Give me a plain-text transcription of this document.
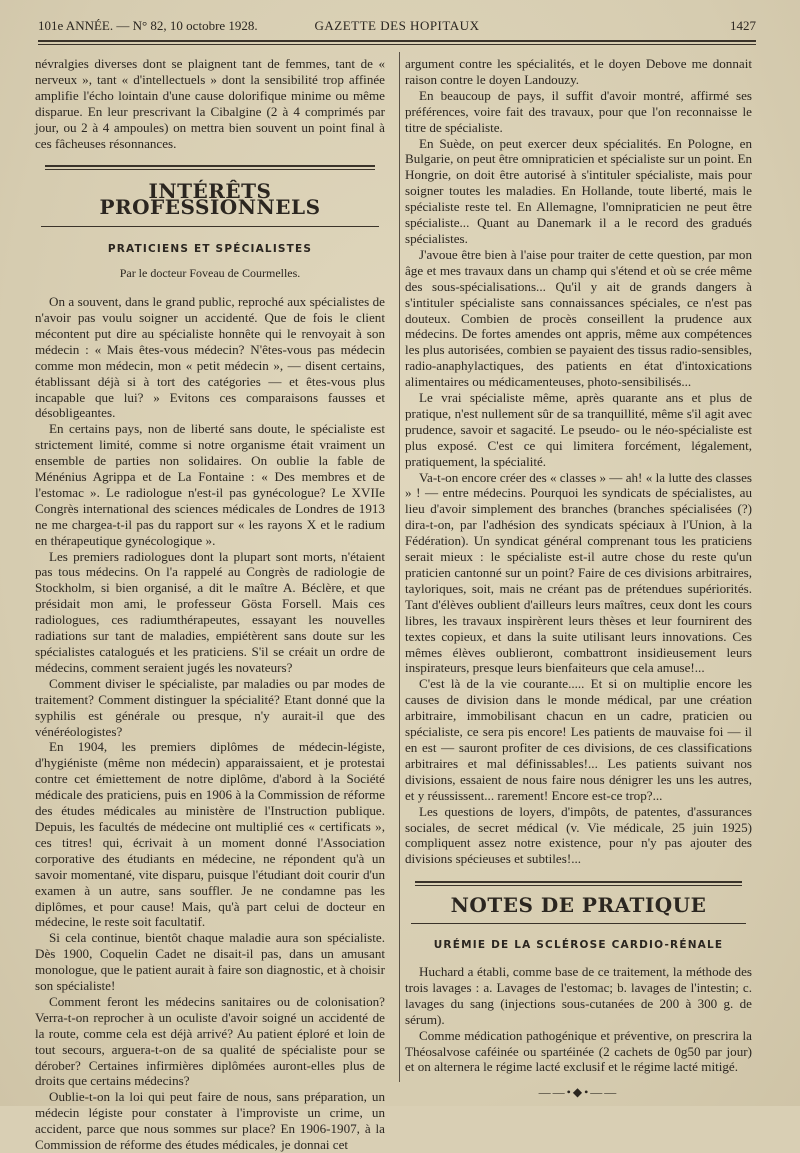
101e ANNÉE. — N° 82, 10 octobre 1928.	GAZETTE DES HOPITAUX	1427

névralgies diverses dont se plaignent tant de femmes, tant de « nerveux », tant « d'intellectuels » dont la sensibilité trop affinée amplifie l'écho lointain d'une cause dolorifique minime ou même disparue. En leur prescrivant la Cibalgine (2 à 4 comprimés par jour, ou 2 à 4 ampoules) on mettra bien souvent un point final à ces fâcheuses résonnances.

INTÉRÊTS PROFESSIONNELS
PRATICIENS ET SPÉCIALISTES
Par le docteur Foveau de Courmelles.

On a souvent, dans le grand public, reproché aux spécialistes de n'avoir pas voulu soigner un accidenté. Que de fois le client mécontent put dire au spécialiste honnête qui le renvoyait à son médecin : « Mais êtes-vous médecin? N'êtes-vous pas médecin comme mon médecin, mon « petit médecin », — disent certains, établissant déjà si à tort des catégories — et êtes-vous plus incapable que lui? » Evitons ces comparaisons fausses et désobligeantes.

En certains pays, non de liberté sans doute, le spécialiste est strictement limité, comme si notre organisme était vraiment un ensemble de parties non solidaires. On oublie la fable de Ménénius Agrippa et de La Fontaine : « Des membres et de l'estomac ». Le radiologue n'est-il pas gynécologue? Le XVIIe Congrès international des sciences médicales de Londres de 1913 ne me chargea-t-il pas du rapport sur « les rayons X et le radium en thérapeutique gynécologique ».

Les premiers radiologues dont la plupart sont morts, n'étaient pas tous médecins. On l'a rappelé au Congrès de radiologie de Stockholm, si bien organisé, a dit le maître A. Béclère, et que présidait mon ami, le professeur Gösta Forsell. Mais ces radiologues, ces radiumthérapeutes, essayant les nouvelles radiations sur tant de maladies, empiétèrent sans doute sur les spécialistes catalogués et les praticiens. S'il se créait un ordre de médecins, comment seraient jugés les novateurs?

Comment diviser le spécialiste, par maladies ou par modes de traitement? Comment distinguer la spécialité? Etant donné que la syphilis est générale ou presque, n'y aurait-il que des vénéréologistes?

En 1904, les premiers diplômes de médecin-légiste, d'hygiéniste (même non médecin) apparaissaient, et je protestai contre cet émiettement de notre diplôme, d'abord à la Société médicale des praticiens, puis en 1906 à la Commission de réforme des études médicales au ministère de l'Instruction publique. Depuis, les facultés de médecine ont multiplié ces « certificats », ces titres! qui, écrivait à un moment donné l'Association corporative des étudiants en médecine, ne répondent qu'à un savoir momentané, vite disparu, puisque l'étudiant doit courir d'un examen à un autre, sans souffler. Je ne condamne pas les diplômes, et pour cause! Mais, qu'à part celui de docteur en médecine, le reste soit facultatif.

Si cela continue, bientôt chaque maladie aura son spécialiste. Dès 1900, Coquelin Cadet ne disait-il pas, dans un amusant monologue, que le patient aurait à faire son diagnostic, et à choisir son spécialiste!

Comment feront les médecins sanitaires ou de colonisation? Verra-t-on reprocher à un oculiste d'avoir soigné un accidenté de la route, comme cela est déjà arrivé? Au patient éploré et loin de tout secours, arguera-t-on de sa qualité de spécialiste pour se dérober? Certaines infirmières diplômées auront-elles plus de droits que certains médecins?

Oublie-t-on la loi qui peut faire de nous, sans préparation, un médecin légiste pour constater à l'improviste un crime, un accident, parce que nous sommes sur place? En 1906-1907, à la Commission de réforme des études médicales, je donnai cet

argument contre les spécialités, et le doyen Debove me donnait raison contre le doyen Landouzy.

En beaucoup de pays, il suffit d'avoir montré, affirmé ses préférences, voire fait des travaux, pour que l'on reconnaisse le titre de spécialiste.

En Suède, on peut exercer deux spécialités. En Pologne, en Bulgarie, on peut être omnipraticien et spécialiste sur un point. En Hongrie, on doit être autorisé à s'intituler spécialiste, mais pour soigner toutes les maladies. En Hollande, toute liberté, mais le spécialiste reste tel. En Allemagne, l'omnipraticien ne peut être spécialiste... Quant au Danemark il a le record des gradués spécialistes.

J'avoue être bien à l'aise pour traiter de cette question, par mon âge et mes travaux dans un champ qui s'étend et où se crée même des sous-spécialisations... Qu'il y ait de grands dangers à s'intituler spécialiste sans connaissances spéciales, ce n'est pas douteux. Combien de procès conseillent la prudence aux médecins. De fortes amendes ont appris, même aux compétences les plus autorisées, combien se payaient des tissus radio-sensibles, radio-anaphylactiques, des patients en état d'intoxications alimentaires ou médicamenteuses, photo-sensibilisés...

Le vrai spécialiste même, après quarante ans et plus de pratique, n'est nullement sûr de sa tranquillité, même s'il agit avec prudence, savoir et sagacité. Le pseudo- ou le néo-spécialiste est plus exposé. C'est ce qui limitera forcément, légalement, pratiquement, la spécialité.

Va-t-on encore créer des « classes » — ah! « la lutte des classes » ! — entre médecins. Pourquoi les syndicats de spécialistes, au lieu d'avoir simplement des branches (branches spécialisées (?) dira-t-on, par l'adhésion des syndicats spéciaux à l'Union, à la Fédération). Un syndicat général comprenant tous les praticiens serait mieux : le spécialiste est-il autre chose du reste qu'un praticien cantonné sur un point? Faire de ces divisions arbitraires, tayloriques, soit, mais ne créant pas de prétendues supériorités. Tant d'élèves oublient d'ailleurs leurs maîtres, ceux dont les cours libres, les travaux inspirèrent leurs thèses et leur fournirent des textes copieux, et dans la suite utilisant leurs innovations. Ces mêmes élèves oublieront, combattront insidieusement leurs inspirateurs, presque leurs bienfaiteurs que cela amuse!...

C'est là de la vie courante..... Et si on multiplie encore les causes de division dans le monde médical, par une création arbitraire, immobilisant chacun en un cadre, praticien ou spécialiste, ce sera pis encore! Les patients de mauvaise foi — il en est — sauront profiter de ces divisions, de ces classifications arbitraires et mal définissables!... Les patients suivant nos divisions, essaient de nous faire nous dénigrer les uns les autres, et y réussissent... rarement! Encore est-ce trop?...

Les questions de loyers, d'impôts, de patentes, d'assurances sociales, de secret médical (v. Vie médicale, 25 juin 1925) compliquent assez notre existence, pour n'y pas ajouter des divisions spécieuses et subtiles!...

NOTES DE PRATIQUE
URÉMIE DE LA SCLÉROSE CARDIO-RÉNALE

Huchard a établi, comme base de ce traitement, la méthode des trois lavages : a. Lavages de l'estomac; b. lavages de l'intestin; c. lavages du sang (injections sous-cutanées de 200 à 300 g. de sérum).

Comme médication pathogénique et préventive, on prescrira la Théosalvose caféinée ou spartéinée (2 cachets de 0g50 par jour) et on alternera le régime lacté exclusif et le régime lacté mitigé.

——•◆•——
